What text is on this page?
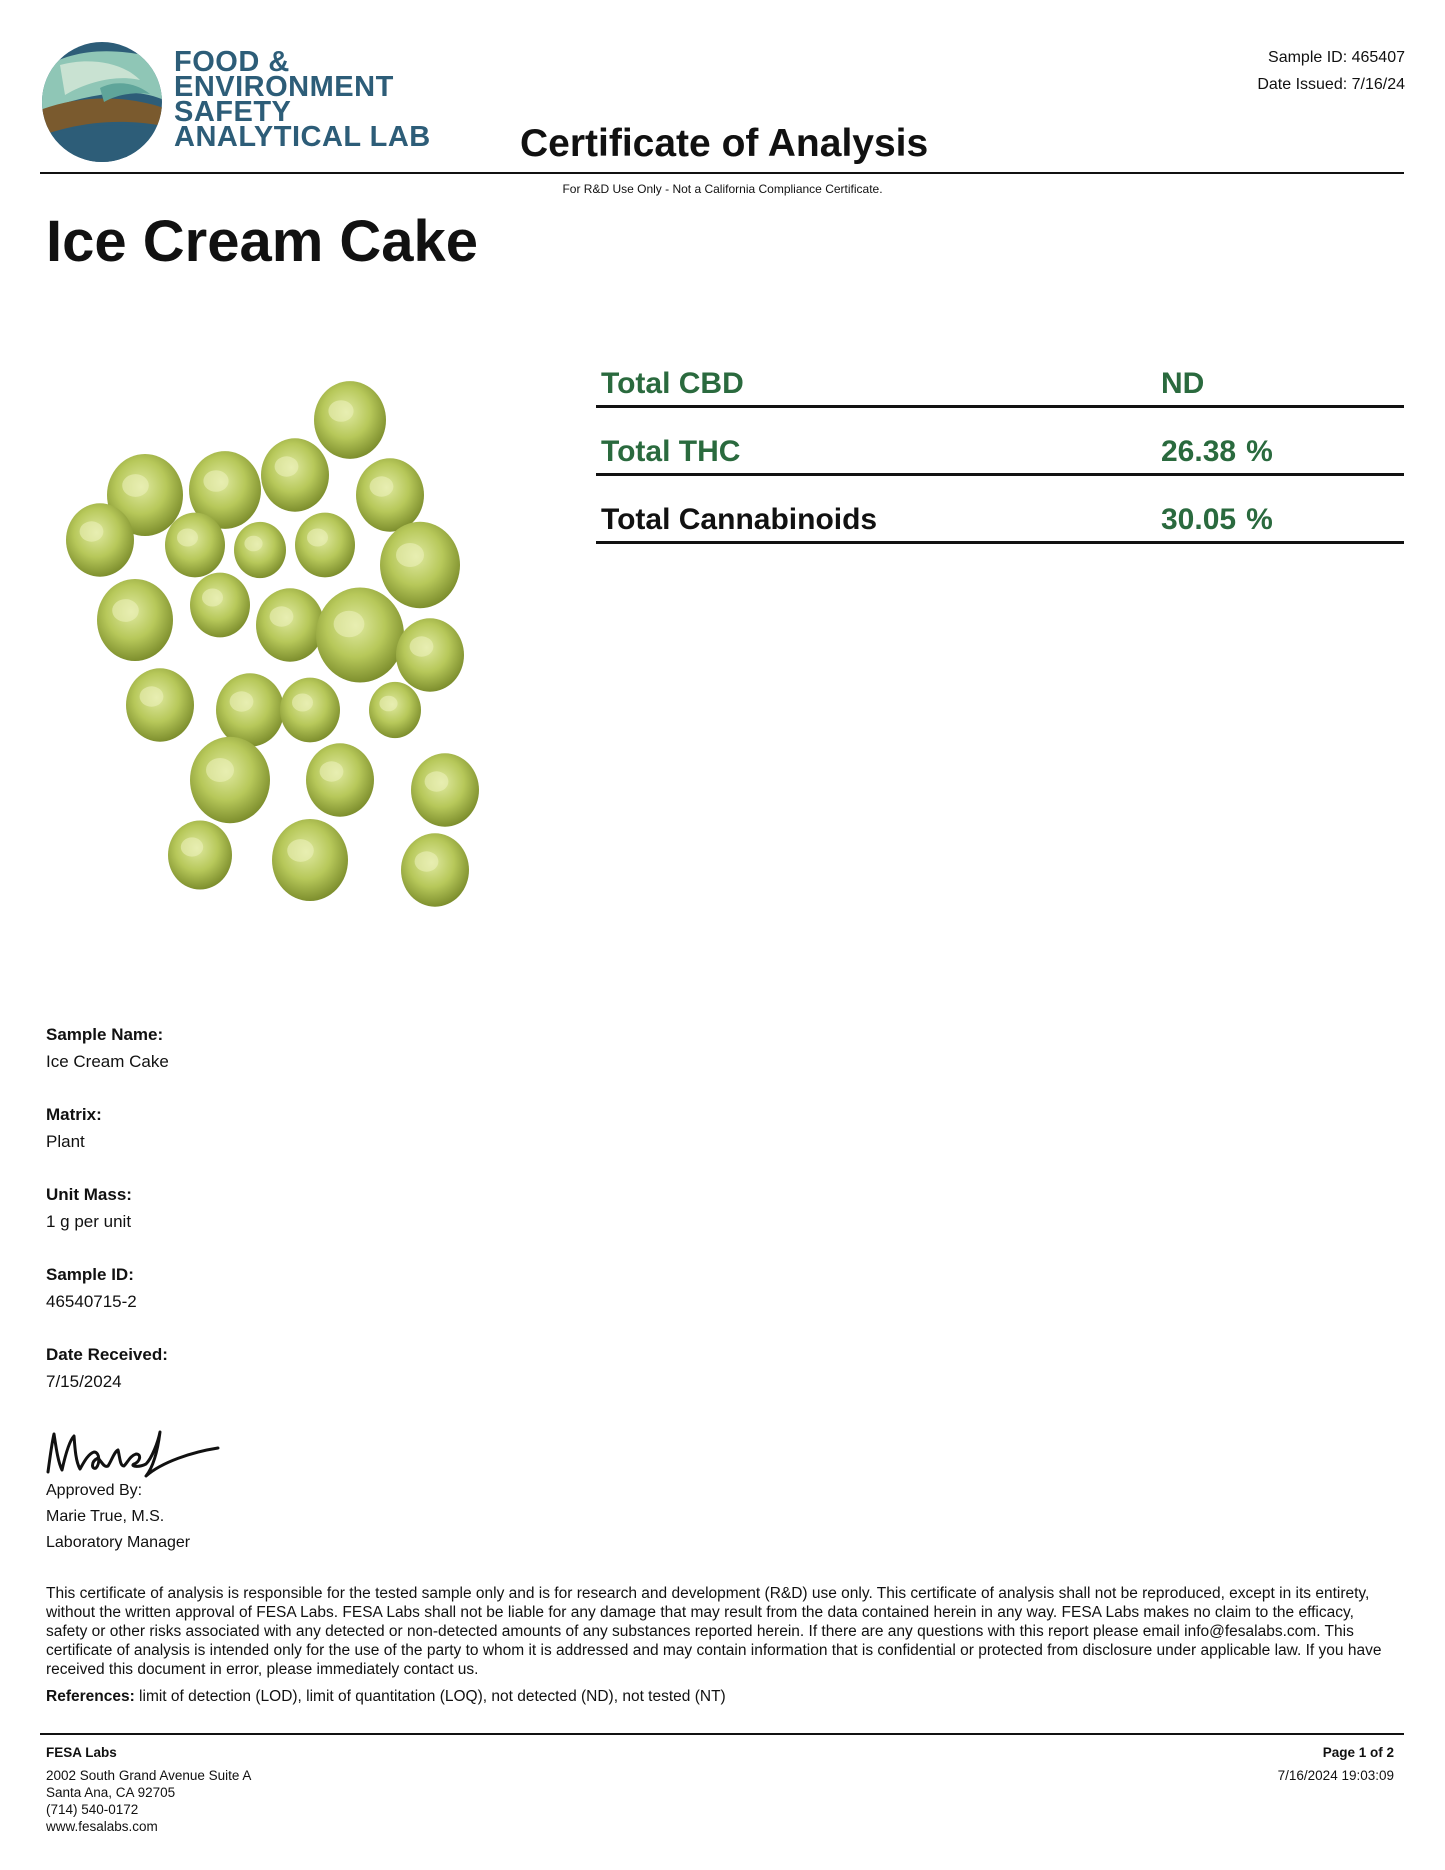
FOOD &
ENVIRONMENT
SAFETY
ANALYTICAL LAB
Sample ID: 465407
Date Issued: 7/16/24
Certificate of Analysis
For R&D Use Only - Not a California Compliance Certificate.
Ice Cream Cake
Total CBD	ND
Total THC	26.38 %
Total Cannabinoids	30.05 %
Sample Name:
Ice Cream Cake
Matrix:
Plant
Unit Mass:
1 g per unit
Sample ID:
46540715-2
Date Received:
7/15/2024
Approved By:
Marie True, M.S.
Laboratory Manager
This certificate of analysis is responsible for the tested sample only and is for research and development (R&D) use only. This certificate of analysis shall not be reproduced, except in its entirety, without the written approval of FESA Labs. FESA Labs shall not be liable for any damage that may result from the data contained herein in any way. FESA Labs makes no claim to the efficacy, safety or other risks associated with any detected or non-detected amounts of any substances reported herein. If there are any questions with this report please email info@fesalabs.com. This certificate of analysis is intended only for the use of the party to whom it is addressed and may contain information that is confidential or protected from disclosure under applicable law. If you have received this document in error, please immediately contact us.
References: limit of detection (LOD), limit of quantitation (LOQ), not detected (ND), not tested (NT)
FESA Labs
2002 South Grand Avenue Suite A
Santa Ana, CA 92705
(714) 540-0172
www.fesalabs.com
Page 1 of 2
7/16/2024 19:03:09
